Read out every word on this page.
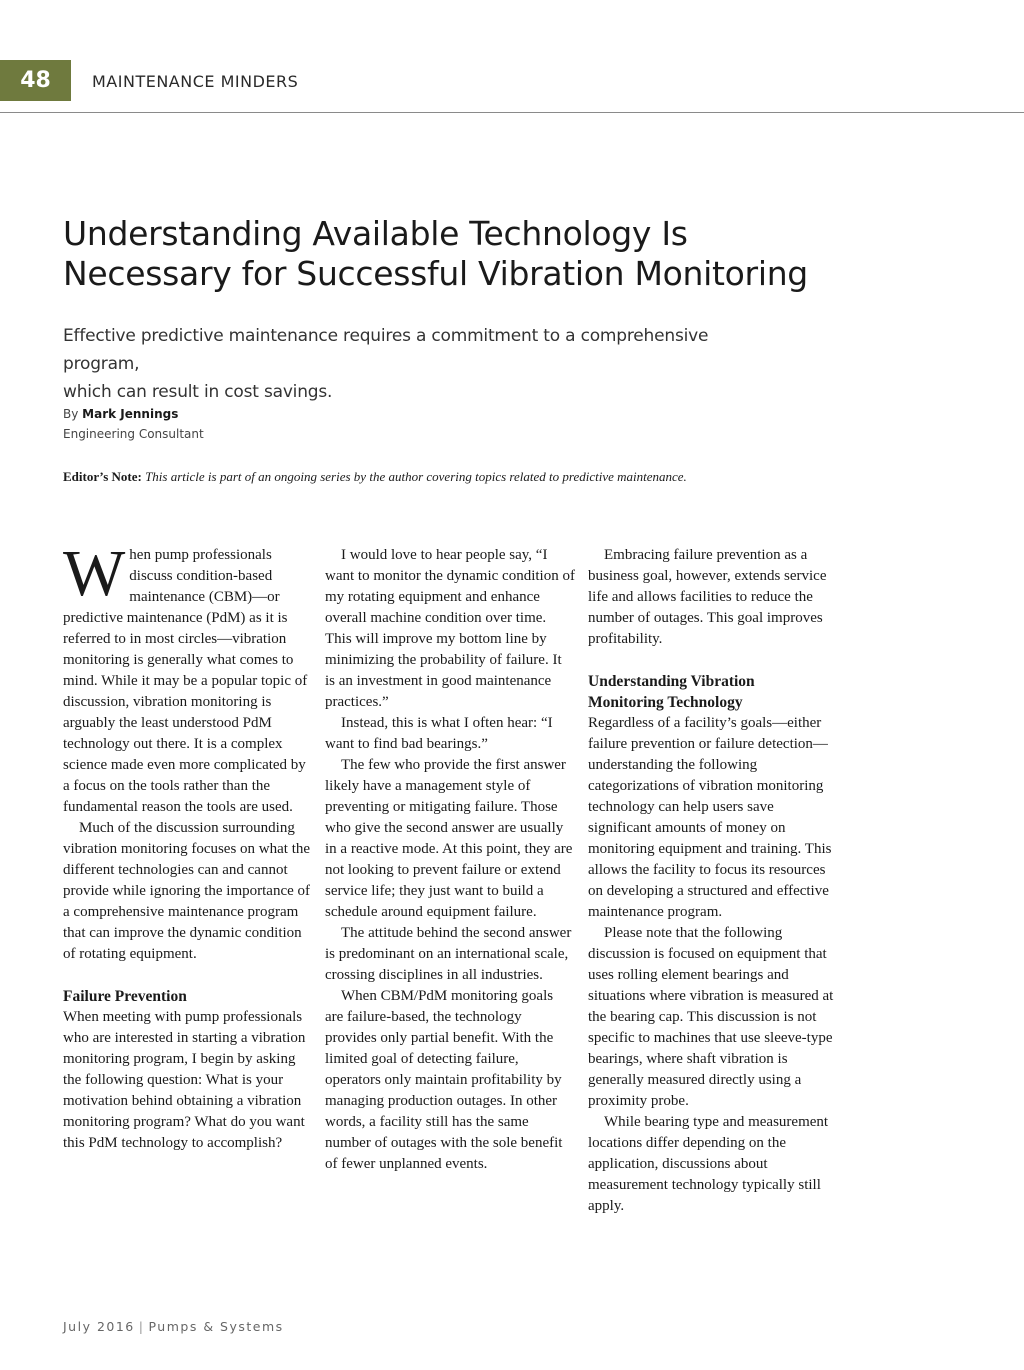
48	MAINTENANCE MINDERS
Understanding Available Technology Is
Necessary for Successful Vibration Monitoring

Effective predictive maintenance requires a commitment to a comprehensive program,
which can result in cost savings.

By Mark Jennings
Engineering Consultant
Editor’s Note: This article is part of an ongoing series by the author covering topics related to predictive maintenance.

When pump professionals discuss condition-based maintenance (CBM)—or predictive maintenance (PdM) as it is referred to in most circles—vibration monitoring is generally what comes to mind. While it may be a popular topic of discussion, vibration monitoring is arguably the least understood PdM technology out there. It is a complex science made even more complicated by a focus on the tools rather than the fundamental reason the tools are used.

Much of the discussion surrounding vibration monitoring focuses on what the different technologies can and cannot provide while ignoring the importance of a comprehensive maintenance program that can improve the dynamic condition of rotating equipment.

Failure Prevention

When meeting with pump professionals who are interested in starting a vibration monitoring program, I begin by asking the following question: What is your motivation behind obtaining a vibration monitoring program? What do you want this PdM technology to accomplish?

I would love to hear people say, “I want to monitor the dynamic condition of my rotating equipment and enhance overall machine condition over time. This will improve my bottom line by minimizing the probability of failure. It is an investment in good maintenance practices.”

Instead, this is what I often hear: “I want to find bad bearings.”

The few who provide the first answer likely have a management style of preventing or mitigating failure. Those who give the second answer are usually in a reactive mode. At this point, they are not looking to prevent failure or extend service life; they just want to build a schedule around equipment failure.

The attitude behind the second answer is predominant on an international scale, crossing disciplines in all industries.

When CBM/PdM monitoring goals are failure-based, the technology provides only partial benefit. With the limited goal of detecting failure, operators only maintain profitability by managing production outages. In other words, a facility still has the same number of outages with the sole benefit of fewer unplanned events.

Embracing failure prevention as a business goal, however, extends service life and allows facilities to reduce the number of outages. This goal improves profitability.

Understanding Vibration
Monitoring Technology

Regardless of a facility’s goals—either failure prevention or failure detection—understanding the following categorizations of vibration monitoring technology can help users save significant amounts of money on monitoring equipment and training. This allows the facility to focus its resources on developing a structured and effective maintenance program.

Please note that the following discussion is focused on equipment that uses rolling element bearings and situations where vibration is measured at the bearing cap. This discussion is not specific to machines that use sleeve-type bearings, where shaft vibration is generally measured directly using a proximity probe.

While bearing type and measurement locations differ depending on the application, discussions about measurement technology typically still apply.

July 2016 | Pumps & Systems
